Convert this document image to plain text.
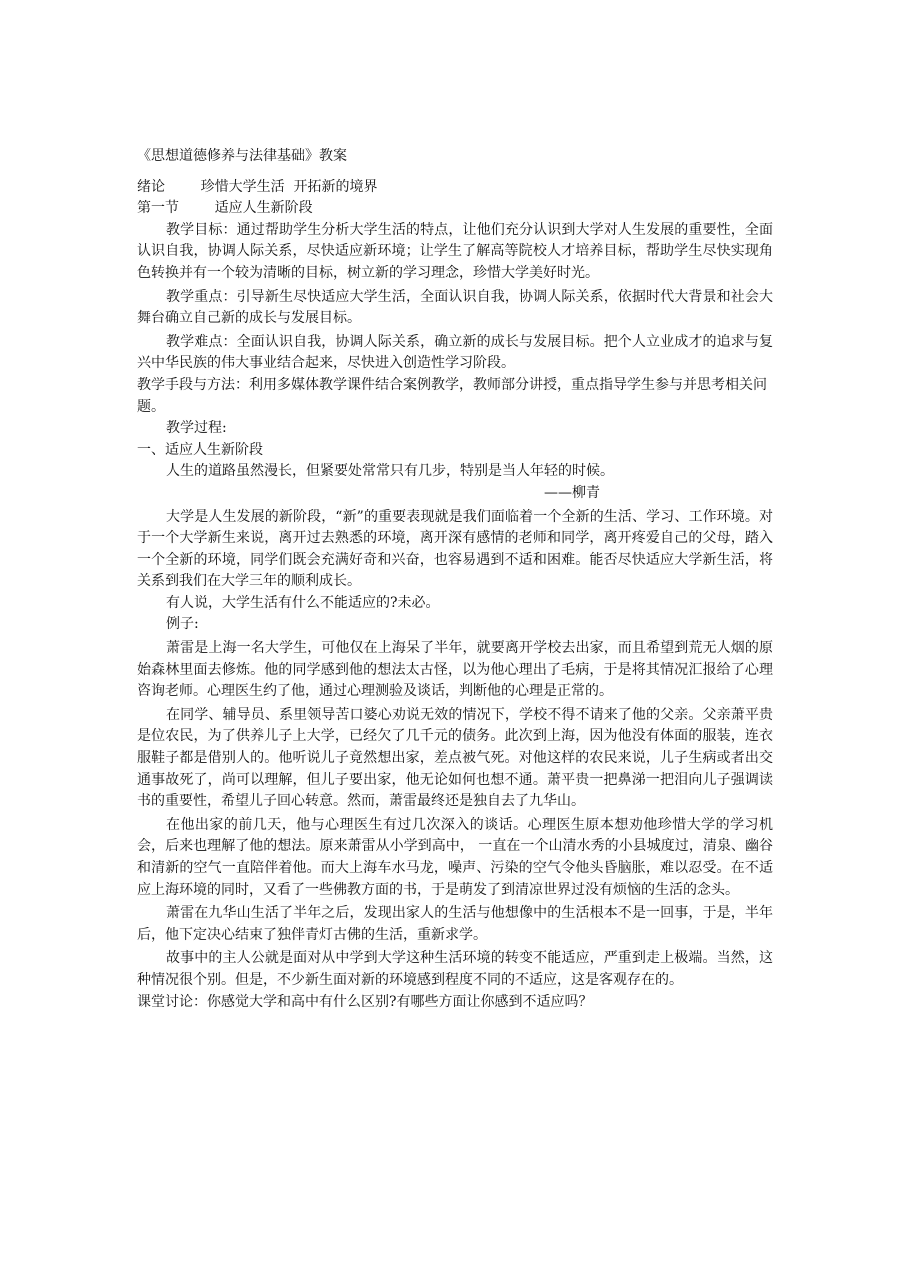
《思想道德修养与法律基础》教案
绪论        珍惜大学生活  开拓新的境界
第一节        适应人生新阶段

教学目标：通过帮助学生分析大学生活的特点，让他们充分认识到大学对人生发展的重要性，全面认识自我，协调人际关系，尽快适应新环境；让学生了解高等院校人才培养目标，帮助学生尽快实现角色转换并有一个较为清晰的目标，树立新的学习理念，珍惜大学美好时光。

教学重点：引导新生尽快适应大学生活，全面认识自我，协调人际关系，依据时代大背景和社会大舞台确立自己新的成长与发展目标。

教学难点：全面认识自我，协调人际关系，确立新的成长与发展目标。把个人立业成才的追求与复兴中华民族的伟大事业结合起来，尽快进入创造性学习阶段。

教学手段与方法：利用多媒体教学课件结合案例教学，教师部分讲授，重点指导学生参与并思考相关问题。

教学过程:

一、适应人生新阶段

人生的道路虽然漫长，但紧要处常常只有几步，特别是当人年轻的时候。

——柳青

大学是人生发展的新阶段，“新”的重要表现就是我们面临着一个全新的生活、学习、工作环境。对于一个大学新生来说，离开过去熟悉的环境，离开深有感情的老师和同学，离开疼爱自己的父母，踏入一个全新的环境，同学们既会充满好奇和兴奋，也容易遇到不适和困难。能否尽快适应大学新生活，将关系到我们在大学三年的顺利成长。

有人说，大学生活有什么不能适应的?未必。

例子:

萧雷是上海一名大学生，可他仅在上海呆了半年，就要离开学校去出家，而且希望到荒无人烟的原始森林里面去修炼。他的同学感到他的想法太古怪，以为他心理出了毛病，于是将其情况汇报给了心理咨询老师。心理医生约了他，通过心理测验及谈话，判断他的心理是正常的。

在同学、辅导员、系里领导苦口婆心劝说无效的情况下，学校不得不请来了他的父亲。父亲萧平贵是位农民，为了供养儿子上大学，已经欠了几千元的债务。此次到上海，因为他没有体面的服装，连衣服鞋子都是借别人的。他听说儿子竟然想出家，差点被气死。对他这样的农民来说，儿子生病或者出交通事故死了，尚可以理解，但儿子要出家，他无论如何也想不通。萧平贵一把鼻涕一把泪向儿子强调读书的重要性，希望儿子回心转意。然而，萧雷最终还是独自去了九华山。

在他出家的前几天，他与心理医生有过几次深入的谈话。心理医生原本想劝他珍惜大学的学习机会，后来也理解了他的想法。原来萧雷从小学到高中， 一直在一个山清水秀的小县城度过，清泉、幽谷和清新的空气一直陪伴着他。而大上海车水马龙，噪声、污染的空气令他头昏脑胀，难以忍受。在不适应上海环境的同时，又看了一些佛教方面的书，于是萌发了到清凉世界过没有烦恼的生活的念头。

萧雷在九华山生活了半年之后，发现出家人的生活与他想像中的生活根本不是一回事，于是，半年后，他下定决心结束了独伴青灯古佛的生活，重新求学。

故事中的主人公就是面对从中学到大学这种生活环境的转变不能适应，严重到走上极端。当然，这种情况很个别。但是，不少新生面对新的环境感到程度不同的不适应，这是客观存在的。

课堂讨论：你感觉大学和高中有什么区别?有哪些方面让你感到不适应吗？
